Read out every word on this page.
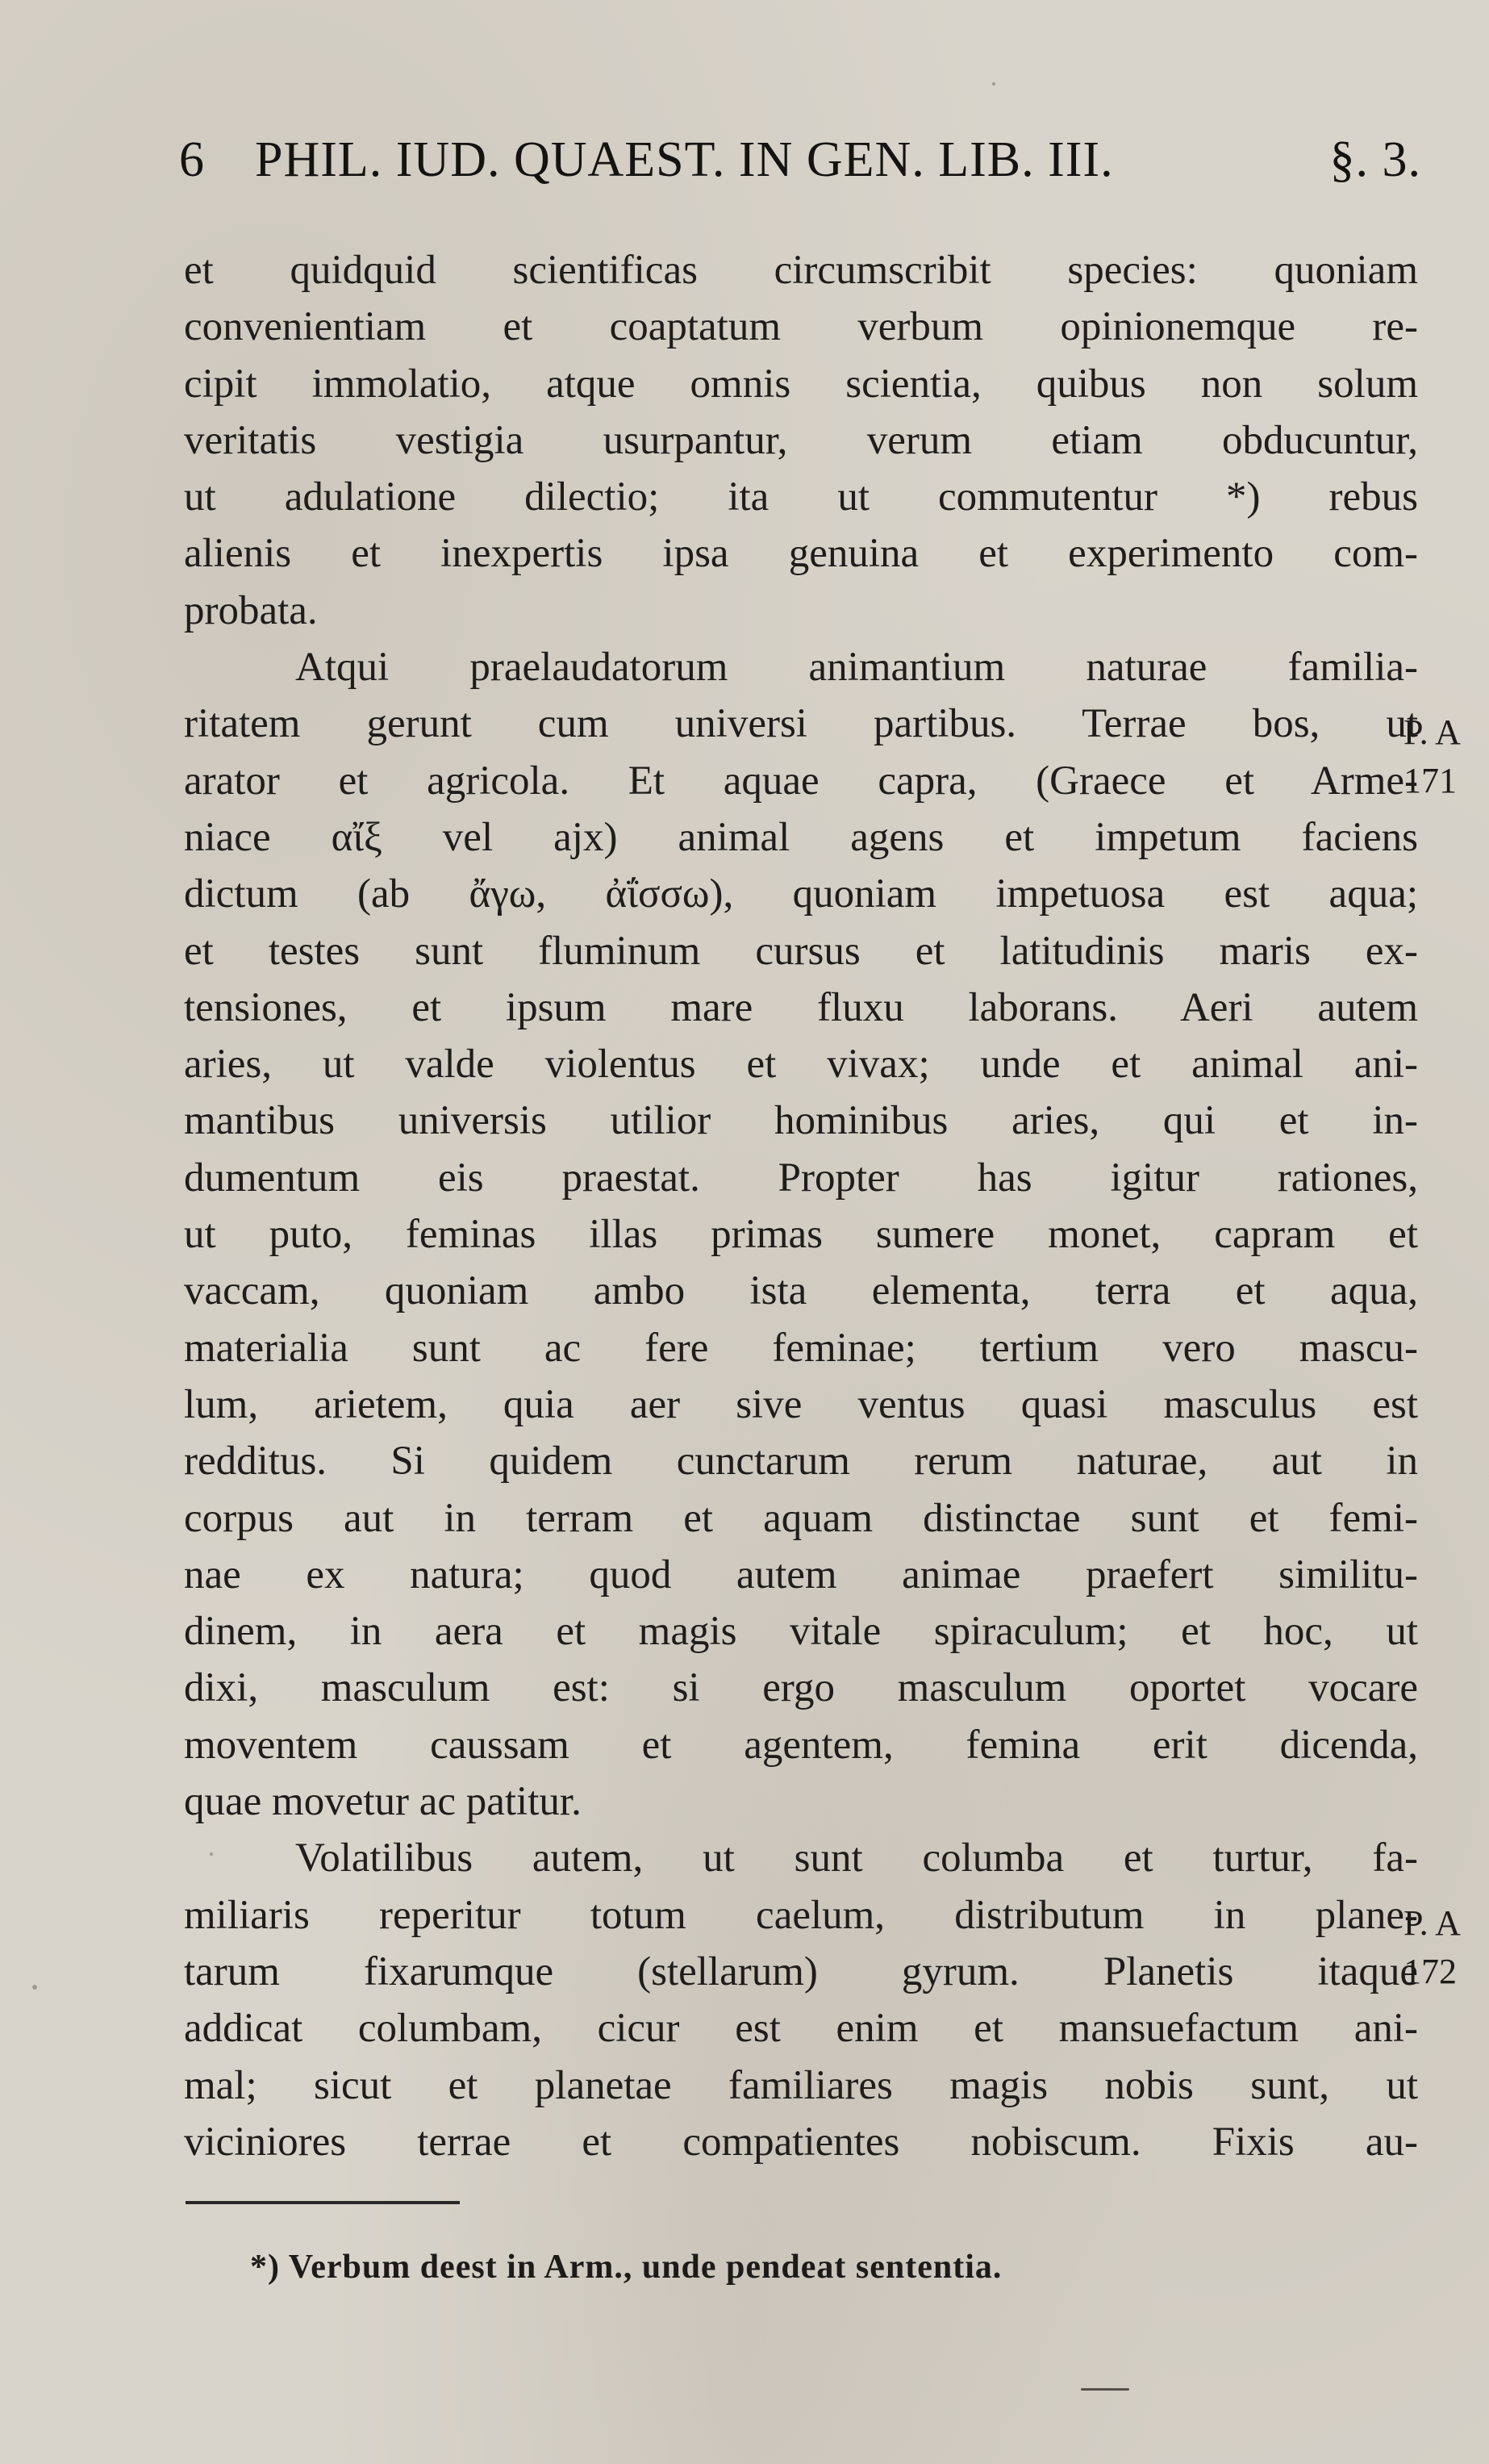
6 PHIL. IUD. QUAEST. IN GEN. LIB. III.	§. 3.
et quidquid scientificas circumscribit species: quoniam
convenientiam et coaptatum verbum opinionemque re-
cipit immolatio, atque omnis scientia, quibus non solum
veritatis vestigia usurpantur, verum etiam obducuntur,
ut adulatione dilectio; ita ut commutentur *) rebus
alienis et inexpertis ipsa genuina et experimento com-
probata.
Atqui praelaudatorum animantium naturae familia-
ritatem gerunt cum universi partibus. Terrae bos, ut
arator et agricola. Et aquae capra, (Graece et Arme-
niace αἴξ vel ajx) animal agens et impetum faciens
dictum (ab ἄγω, ἀΐσσω), quoniam impetuosa est aqua;
et testes sunt fluminum cursus et latitudinis maris ex-
tensiones, et ipsum mare fluxu laborans. Aeri autem
aries, ut valde violentus et vivax; unde et animal ani-
mantibus universis utilior hominibus aries, qui et in-
dumentum eis praestat. Propter has igitur rationes,
ut puto, feminas illas primas sumere monet, capram et
vaccam, quoniam ambo ista elementa, terra et aqua,
materialia sunt ac fere feminae; tertium vero mascu-
lum, arietem, quia aer sive ventus quasi masculus est
redditus. Si quidem cunctarum rerum naturae, aut in
corpus aut in terram et aquam distinctae sunt et femi-
nae ex natura; quod autem animae praefert similitu-
dinem, in aera et magis vitale spiraculum; et hoc, ut
dixi, masculum est: si ergo masculum oportet vocare
moventem caussam et agentem, femina erit dicenda,
quae movetur ac patitur.
Volatilibus autem, ut sunt columba et turtur, fa-
miliaris reperitur totum caelum, distributum in plane-
tarum fixarumque (stellarum) gyrum. Planetis itaque
addicat columbam, cicur est enim et mansuefactum ani-
mal; sicut et planetae familiares magis nobis sunt, ut
viciniores terrae et compatientes nobiscum. Fixis au-
P. A
171
P. A
172
*) Verbum deest in Arm., unde pendeat sententia.
